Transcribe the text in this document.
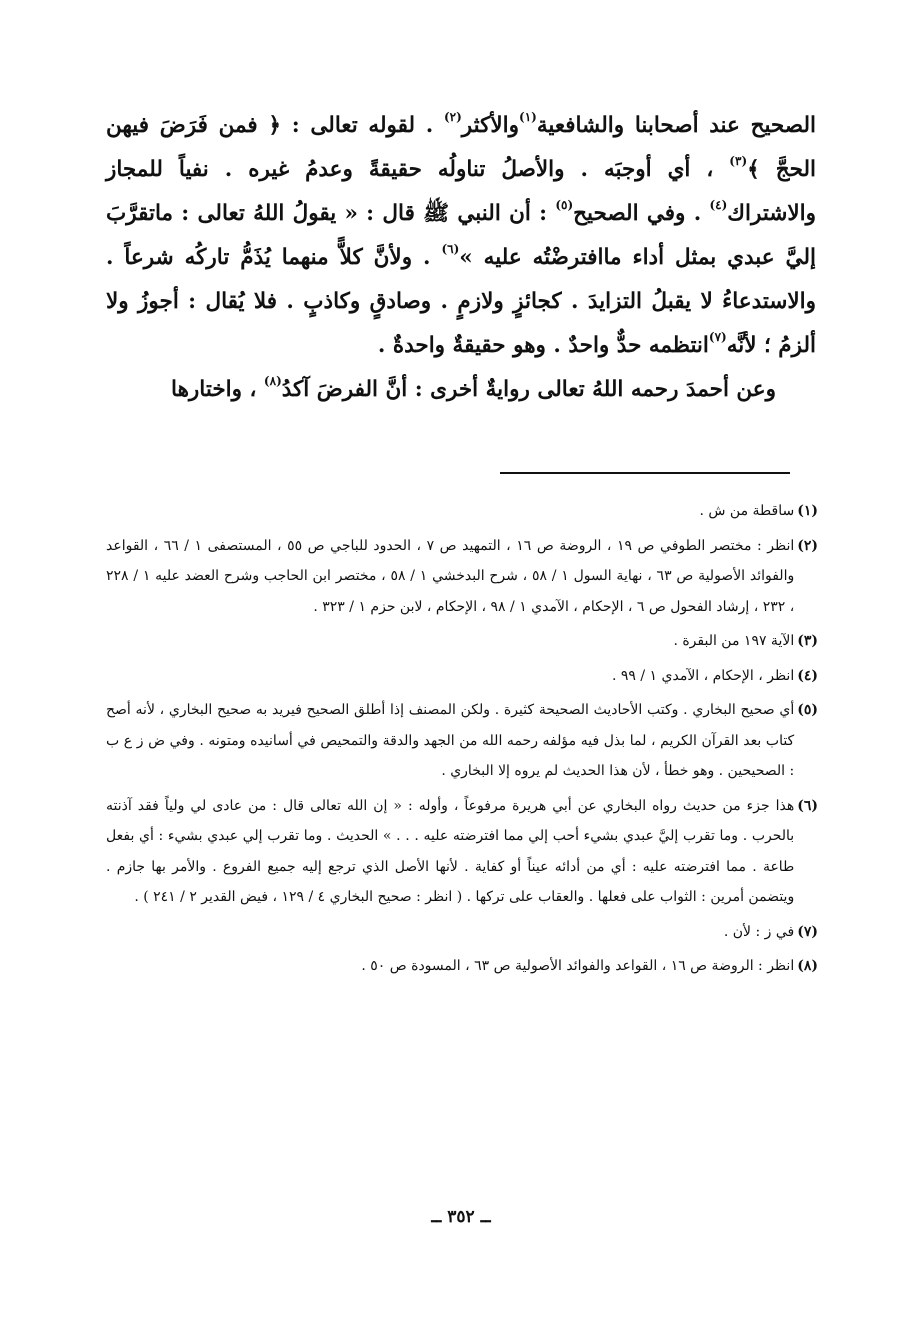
الصحيح عند أصحابنا والشافعية$^{(١)}$والأكثر$^{(٢)}$ . لقوله تعالى : ﴿ فمن فَرَضَ فيهن الحجَّ ﴾$^{(٣)}$ ، أي أوجبَه . والأصلُ تناولُه حقيقةً وعدمُ غيره . نفياً للمجاز والاشتراك$^{(٤)}$ . وفي الصحيح$^{(٥)}$ : أن النبي ﷺ قال : « يقولُ اللهُ تعالى : ماتقرَّبَ إليَّ عبدي بمثل أداء ماافترضْتُه عليه »$^{(٦)}$ . ولأنَّ كلاًّ منهما يُذَمُّ تاركُه شرعاً . والاستدعاءُ لا يقبلُ التزايدَ . كجائزٍ ولازمٍ . وصادقٍ وكاذبٍ . فلا يُقال : أجوزُ ولا ألزمُ ؛ لأنَّه$^{(٧)}$انتظمه حدٌّ واحدٌ . وهو حقيقةٌ واحدةٌ .

وعن أحمدَ رحمه اللهُ تعالى روايةٌ أخرى : أنَّ الفرضَ آكدُ$^{(٨)}$ ، واختارها

(١)
ساقطة من ش .
(٢)
انظر : مختصر الطوفي ص ١٩ ، الروضة ص ١٦ ، التمهيد ص ٧ ، الحدود للباجي ص ٥٥ ، المستصفى ١ / ٦٦ ، القواعد والفوائد الأصولية ص ٦٣ ، نهاية السول ١ / ٥٨ ، شرح البدخشي ١ / ٥٨ ، مختصر ابن الحاجب وشرح العضد عليه ١ / ٢٢٨ ، ٢٣٢ ، إرشاد الفحول ص ٦ ، الإحكام ، الآمدي ١ / ٩٨ ، الإحكام ، لابن حزم ١ / ٣٢٣ .
(٣)
الآية ١٩٧ من البقرة .
(٤)
انظر ، الإحكام ، الآمدي ١ / ٩٩ .
(٥)
أي صحيح البخاري . وكتب الأحاديث الصحيحة كثيرة . ولكن المصنف إذا أطلق الصحيح فيريد به صحيح البخاري ، لأنه أصح كتاب بعد القرآن الكريم ، لما بذل فيه مؤلفه رحمه الله من الجهد والدقة والتمحيص في أسانيده ومتونه . وفي ض ز ع ب : الصحيحين . وهو خطأ ، لأن هذا الحديث لم يروه إلا البخاري .
(٦)
هذا جزء من حديث رواه البخاري عن أبي هريرة مرفوعاً ، وأوله : « إن الله تعالى قال : من عادى لي ولياً فقد آذنته بالحرب . وما تقرب إليَّ عبدي بشيء أحب إلي مما افترضته عليه . . . » الحديث . وما تقرب إلي عبدي بشيء : أي بفعل طاعة . مما افترضته عليه : أي من أدائه عيناً أو كفاية . لأنها الأصل الذي ترجع إليه جميع الفروع . والأمر بها جازم . ويتضمن أمرين : الثواب على فعلها . والعقاب على تركها . ( انظر : صحيح البخاري ٤ / ١٢٩ ، فيض القدير ٢ / ٢٤١ ) .
(٧)
في ز : لأن .
(٨)
انظر : الروضة ص ١٦ ، القواعد والفوائد الأصولية ص ٦٣ ، المسودة ص ٥٠ .
ــ ٣٥٢ ــ
